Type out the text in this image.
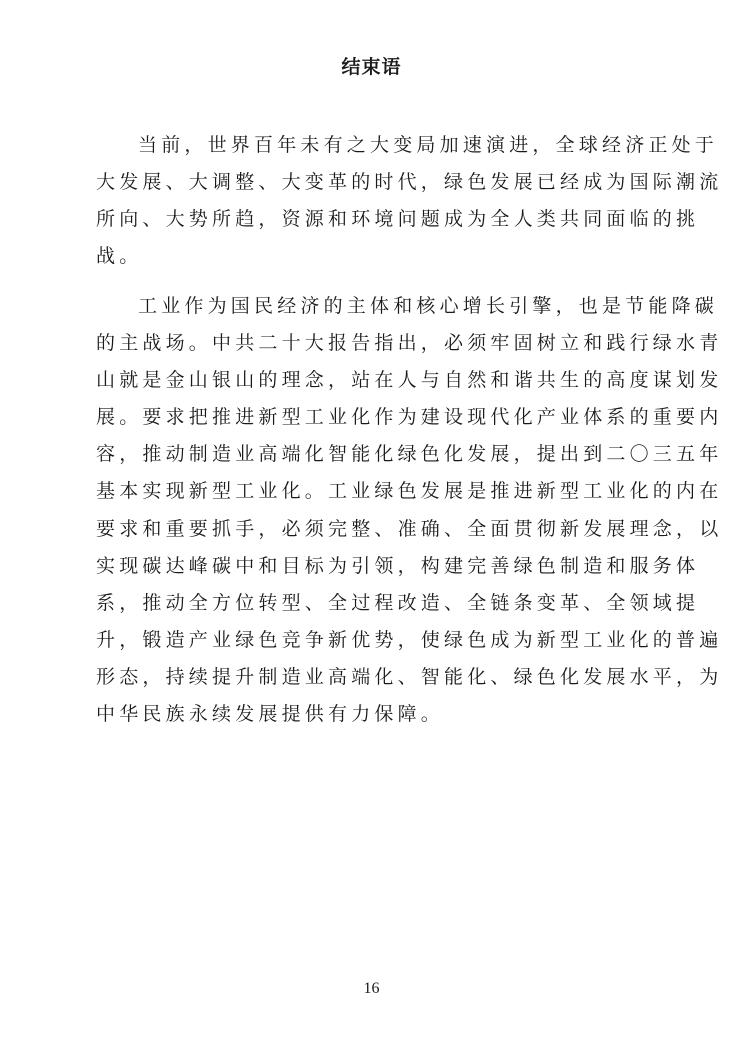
结束语
当前，世界百年未有之大变局加速演进，全球经济正处于
大发展、大调整、大变革的时代，绿色发展已经成为国际潮流
所向、大势所趋，资源和环境问题成为全人类共同面临的挑
战。
工业作为国民经济的主体和核心增长引擎，也是节能降碳
的主战场。中共二十大报告指出，必须牢固树立和践行绿水青
山就是金山银山的理念，站在人与自然和谐共生的高度谋划发
展。要求把推进新型工业化作为建设现代化产业体系的重要内
容，推动制造业高端化智能化绿色化发展，提出到二〇三五年
基本实现新型工业化。工业绿色发展是推进新型工业化的内在
要求和重要抓手，必须完整、准确、全面贯彻新发展理念，以
实现碳达峰碳中和目标为引领，构建完善绿色制造和服务体
系，推动全方位转型、全过程改造、全链条变革、全领域提
升，锻造产业绿色竞争新优势，使绿色成为新型工业化的普遍
形态，持续提升制造业高端化、智能化、绿色化发展水平，为
中华民族永续发展提供有力保障。
16
